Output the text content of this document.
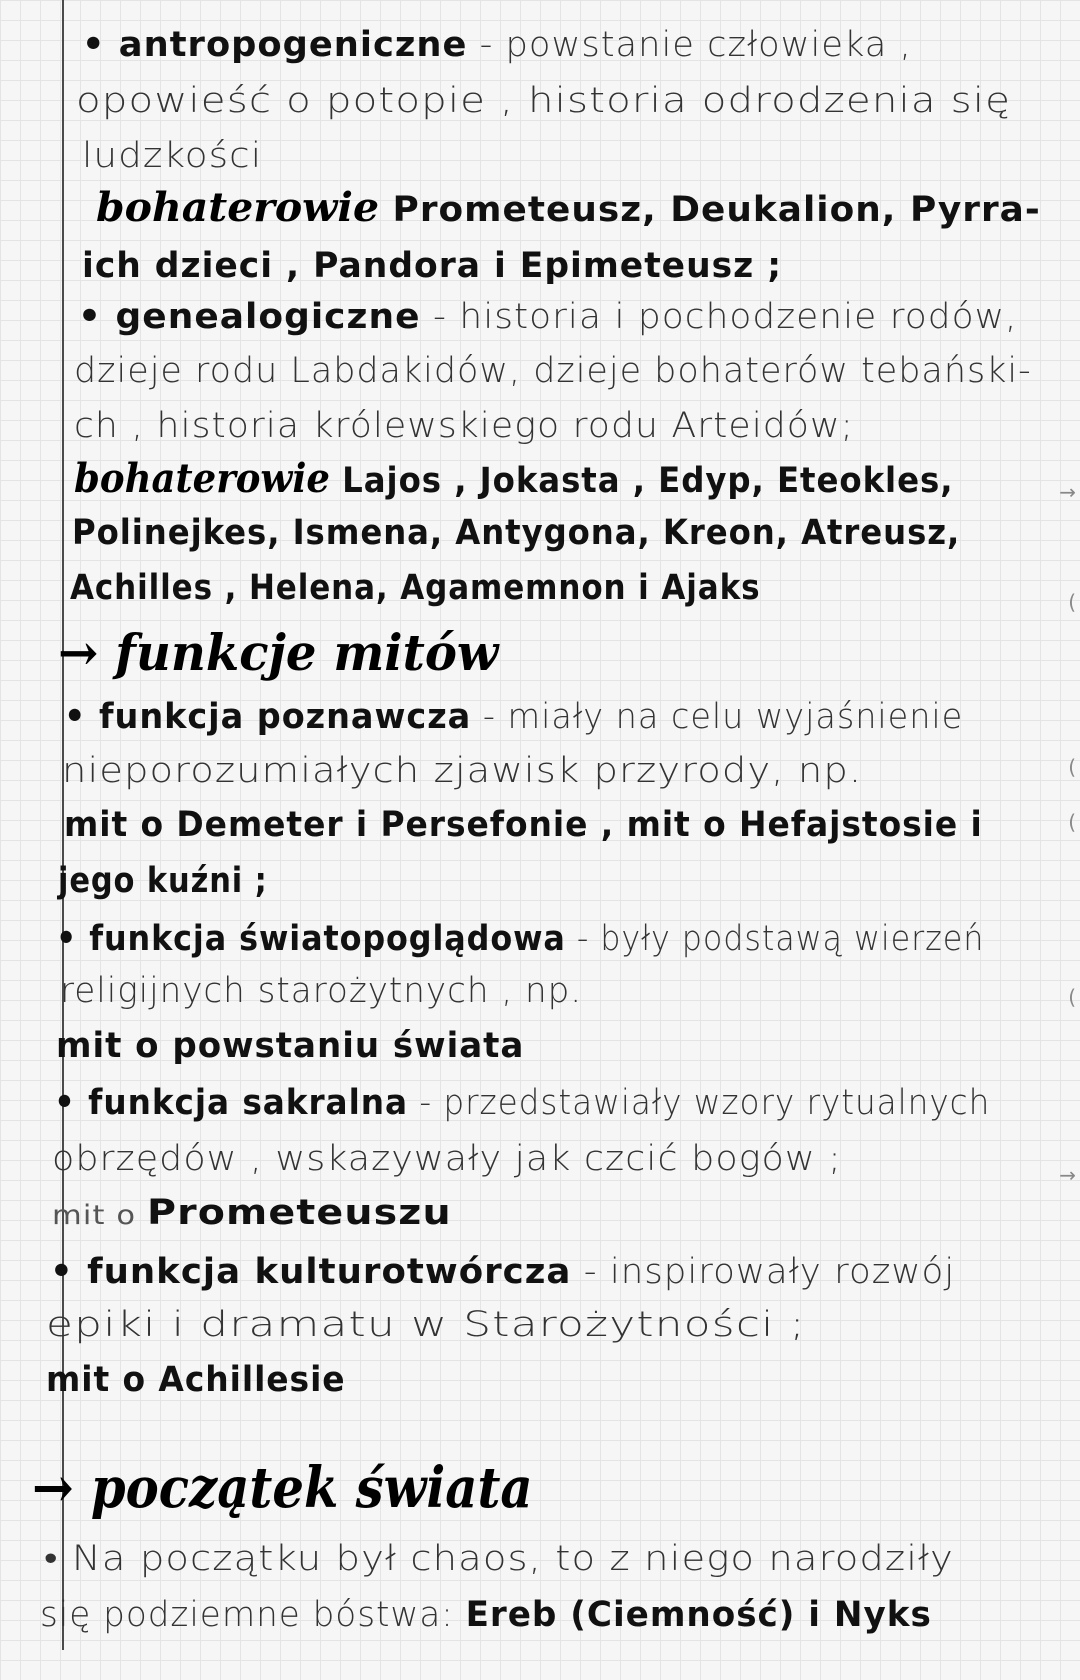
• antropogeniczne - powstanie człowieka ,
opowieść o potopie , historia odrodzenia się
ludzkości
bohaterowie Prometeusz, Deukalion, Pyrra-
ich dzieci , Pandora i Epimeteusz ;
• genealogiczne - historia i pochodzenie rodów,
dzieje rodu Labdakidów, dzieje bohaterów tebański-
ch , historia królewskiego rodu Arteidów;
bohaterowie Lajos , Jokasta , Edyp, Eteokles,
Polinejkes, Ismena, Antygona, Kreon, Atreusz,
Achilles , Helena, Agamemnon i Ajaks
• funkcja poznawcza - miały na celu wyjaśnienie
nieporozumiałych zjawisk przyrody, np.
mit o Demeter i Persefonie , mit o Hefajstosie i
jego kuźni ;
• funkcja światopoglądowa - były podstawą wierzeń
religijnych starożytnych , np.
mit o powstaniu świata
• funkcja sakralna - przedstawiały wzory rytualnych
obrzędów , wskazywały jak czcić bogów ;
mit o Prometeuszu
• funkcja kulturotwórcza - inspirowały rozwój
epiki i dramatu w Starożytności ;
mit o Achillesie
• Na początku był chaos, to z niego narodziły
się podziemne bóstwa: Ereb (Ciemność) i Nyks
→ funkcje mitów
→ początek świata
→
(
(
(
(
→
